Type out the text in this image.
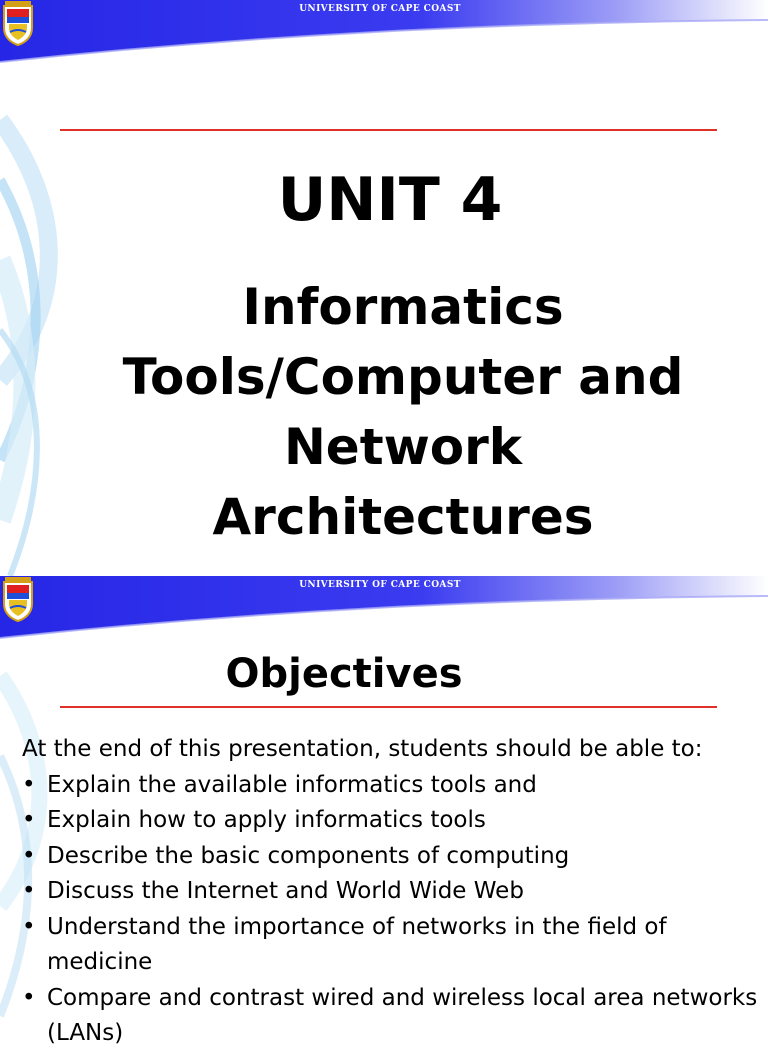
UNIVERSITY OF CAPE COAST
UNIT 4
Informatics
Tools/Computer and
Network Architectures
UNIVERSITY OF CAPE COAST
Objectives
At the end of this presentation, students should be able to:
• Explain the available informatics tools and
• Explain how to apply informatics tools
• Describe the basic components of computing
• Discuss the Internet and World Wide Web
• Understand the importance of networks in the field of medicine
• Compare and contrast wired and wireless local area networks (LANs)
